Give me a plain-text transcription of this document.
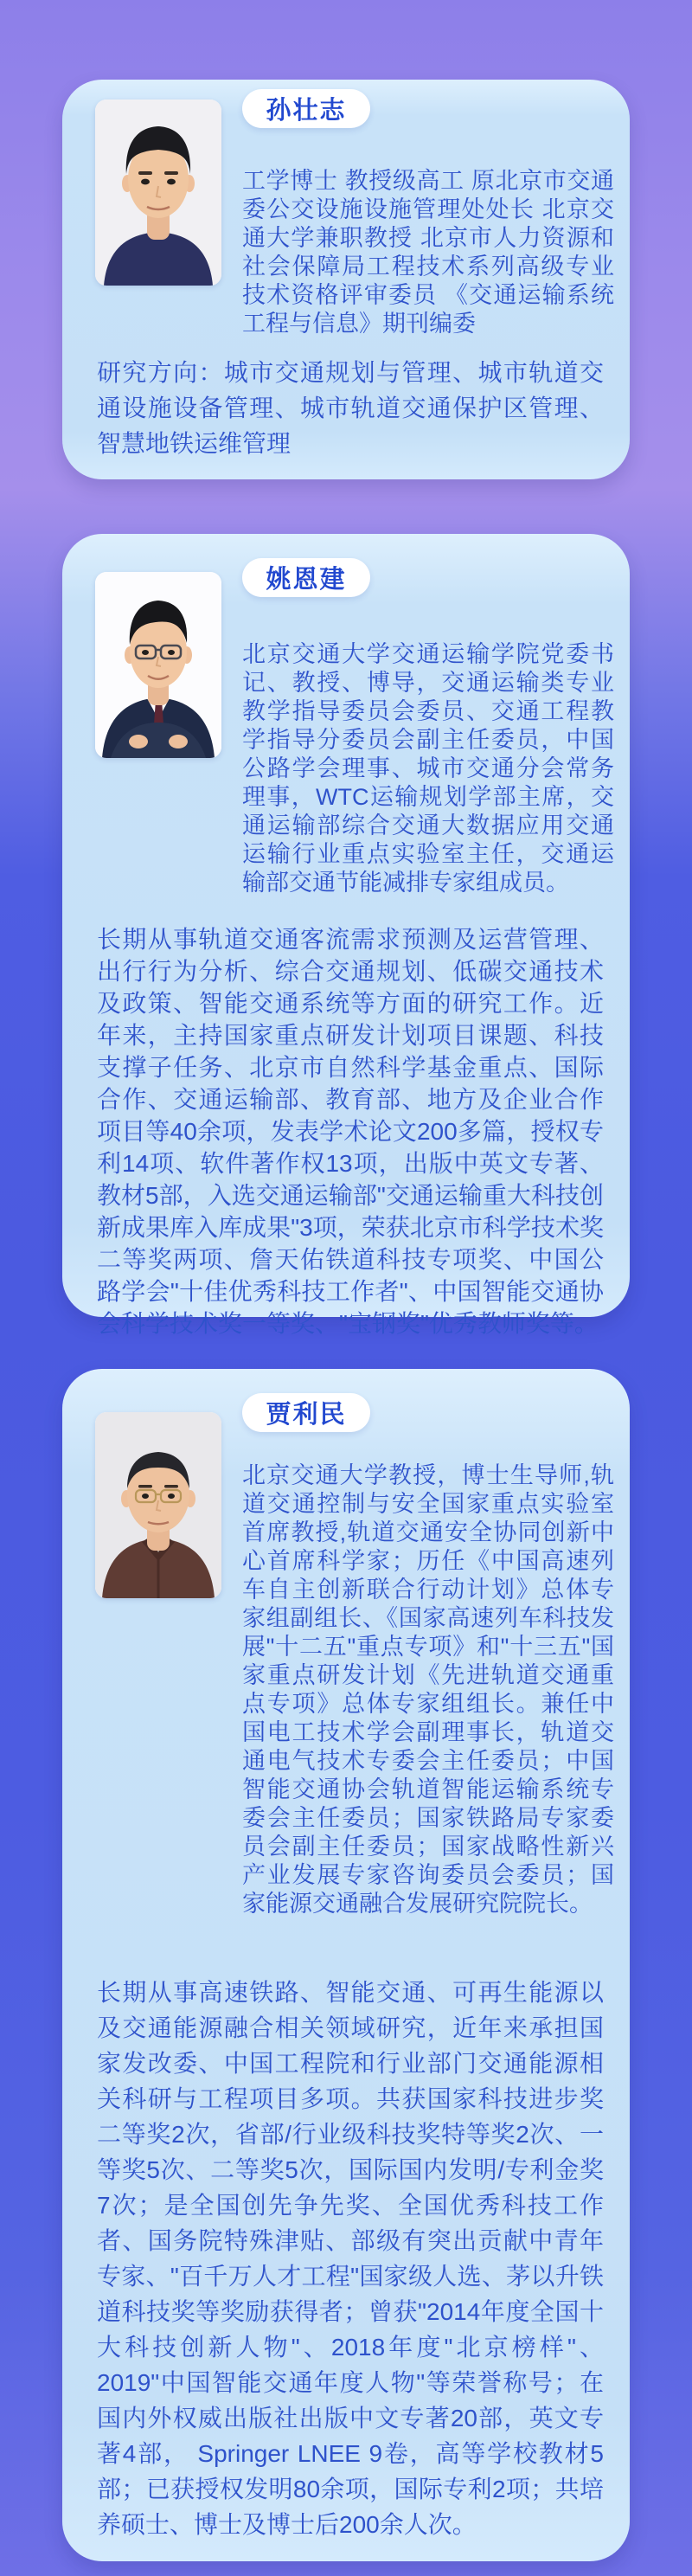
孙壮志

工学博士 教授级高工 原北京市交通委公交设施设施管理处处长 北京交通大学兼职教授 北京市人力资源和社会保障局工程技术系列高级专业技术资格评审委员 《交通运输系统工程与信息》期刊编委

研究方向：城市交通规划与管理、城市轨道交通设施设备管理、城市轨道交通保护区管理、智慧地铁运维管理

姚恩建

北京交通大学交通运输学院党委书记、教授、博导，交通运输类专业教学指导委员会委员、交通工程教学指导分委员会副主任委员，中国公路学会理事、城市交通分会常务理事，WTC运输规划学部主席，交通运输部综合交通大数据应用交通运输行业重点实验室主任，交通运输部交通节能减排专家组成员。

长期从事轨道交通客流需求预测及运营管理、出行行为分析、综合交通规划、低碳交通技术及政策、智能交通系统等方面的研究工作。近年来，主持国家重点研发计划项目课题、科技支撑子任务、北京市自然科学基金重点、国际合作、交通运输部、教育部、地方及企业合作项目等40余项，发表学术论文200多篇，授权专利14项、软件著作权13项，出版中英文专著、教材5部，入选交通运输部"交通运输重大科技创新成果库入库成果"3项，荣获北京市科学技术奖二等奖两项、詹天佑铁道科技专项奖、中国公路学会"十佳优秀科技工作者"、中国智能交通协会科学技术奖一等奖、"宝钢奖"优秀教师奖等。

贾利民

北京交通大学教授，博士生导师,轨道交通控制与安全国家重点实验室首席教授,轨道交通安全协同创新中心首席科学家；历任《中国高速列车自主创新联合行动计划》总体专家组副组长、《国家高速列车科技发展"十二五"重点专项》和"十三五"国家重点研发计划《先进轨道交通重点专项》总体专家组组长。兼任中国电工技术学会副理事长，轨道交通电气技术专委会主任委员；中国智能交通协会轨道智能运输系统专委会主任委员；国家铁路局专家委员会副主任委员；国家战略性新兴产业发展专家咨询委员会委员；国家能源交通融合发展研究院院长。

长期从事高速铁路、智能交通、可再生能源以及交通能源融合相关领域研究，近年来承担国家发改委、中国工程院和行业部门交通能源相关科研与工程项目多项。共获国家科技进步奖二等奖2次，省部/行业级科技奖特等奖2次、一等奖5次、二等奖5次，国际国内发明/专利金奖7次；是全国创先争先奖、全国优秀科技工作者、国务院特殊津贴、部级有突出贡献中青年专家、"百千万人才工程"国家级人选、茅以升铁道科技奖等奖励获得者；曾获"2014年度全国十大科技创新人物"、2018年度"北京榜样"、2019"中国智能交通年度人物"等荣誉称号；在国内外权威出版社出版中文专著20部，英文专著4部， Springer LNEE 9卷，高等学校教材5部；已获授权发明80余项，国际专利2项；共培养硕士、博士及博士后200余人次。
